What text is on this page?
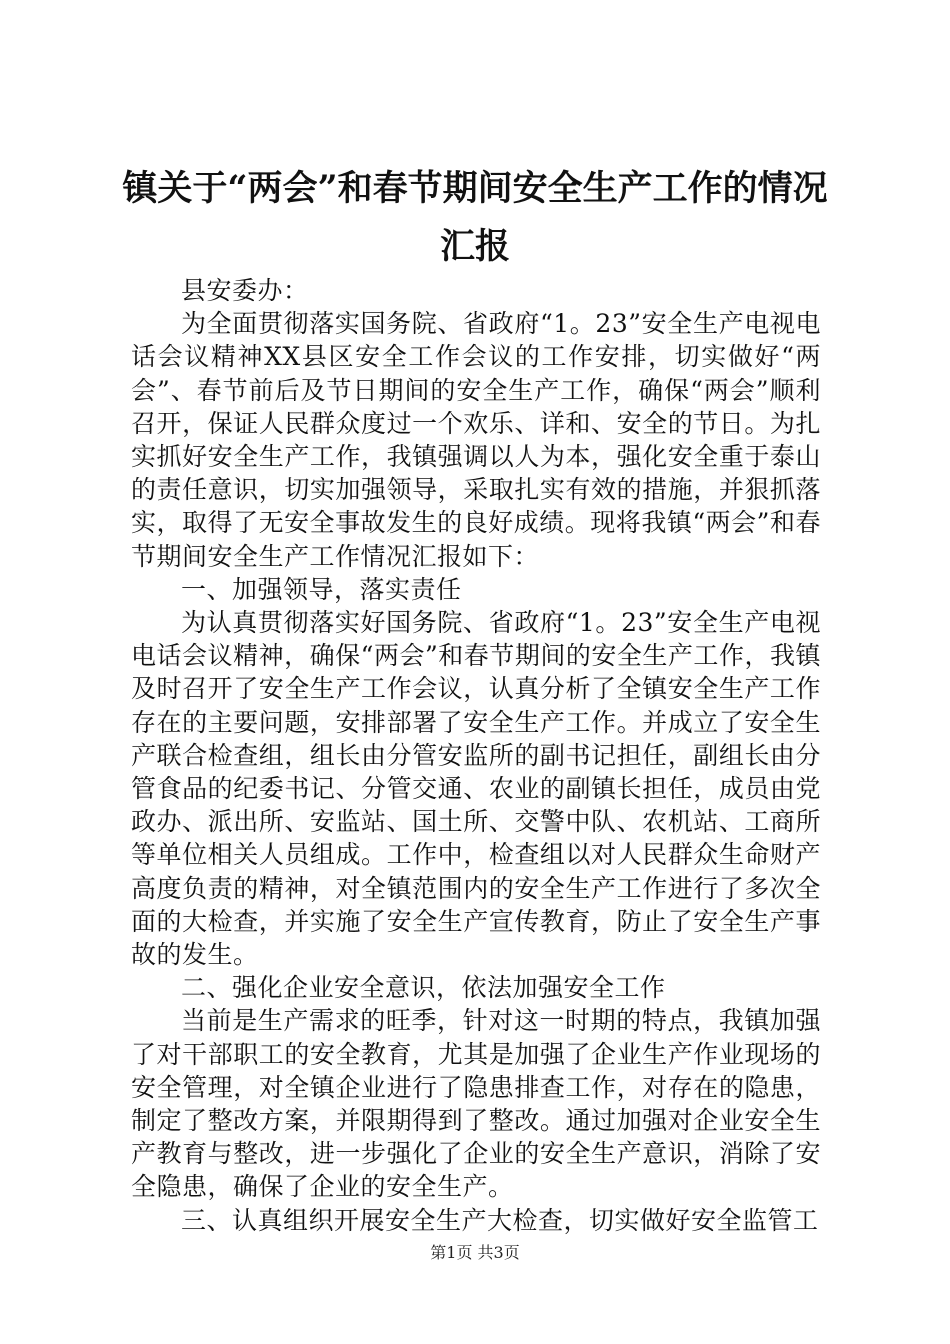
镇关于“两会”和春节期间安全生产工作的情况汇报

县安委办：

为全面贯彻落实国务院、省政府“1。23”安全生产电视电话会议精神XX县区安全工作会议的工作安排，切实做好“两会”、春节前后及节日期间的安全生产工作，确保“两会”顺利召开，保证人民群众度过一个欢乐、详和、安全的节日。为扎实抓好安全生产工作，我镇强调以人为本，强化安全重于泰山的责任意识，切实加强领导，采取扎实有效的措施，并狠抓落实，取得了无安全事故发生的良好成绩。现将我镇“两会”和春节期间安全生产工作情况汇报如下：

一、加强领导，落实责任

为认真贯彻落实好国务院、省政府“1。23”安全生产电视电话会议精神，确保“两会”和春节期间的安全生产工作，我镇及时召开了安全生产工作会议，认真分析了全镇安全生产工作存在的主要问题，安排部署了安全生产工作。并成立了安全生产联合检查组，组长由分管安监所的副书记担任，副组长由分管食品的纪委书记、分管交通、农业的副镇长担任，成员由党政办、派出所、安监站、国土所、交警中队、农机站、工商所等单位相关人员组成。工作中，检查组以对人民群众生命财产高度负责的精神，对全镇范围内的安全生产工作进行了多次全面的大检查，并实施了安全生产宣传教育，防止了安全生产事故的发生。

二、强化企业安全意识，依法加强安全工作

当前是生产需求的旺季，针对这一时期的特点，我镇加强了对干部职工的安全教育，尤其是加强了企业生产作业现场的安全管理，对全镇企业进行了隐患排查工作，对存在的隐患，制定了整改方案，并限期得到了整改。通过加强对企业安全生产教育与整改，进一步强化了企业的安全生产意识，消除了安全隐患，确保了企业的安全生产。

三、认真组织开展安全生产大检查，切实做好安全监管工

第1页 共3页
